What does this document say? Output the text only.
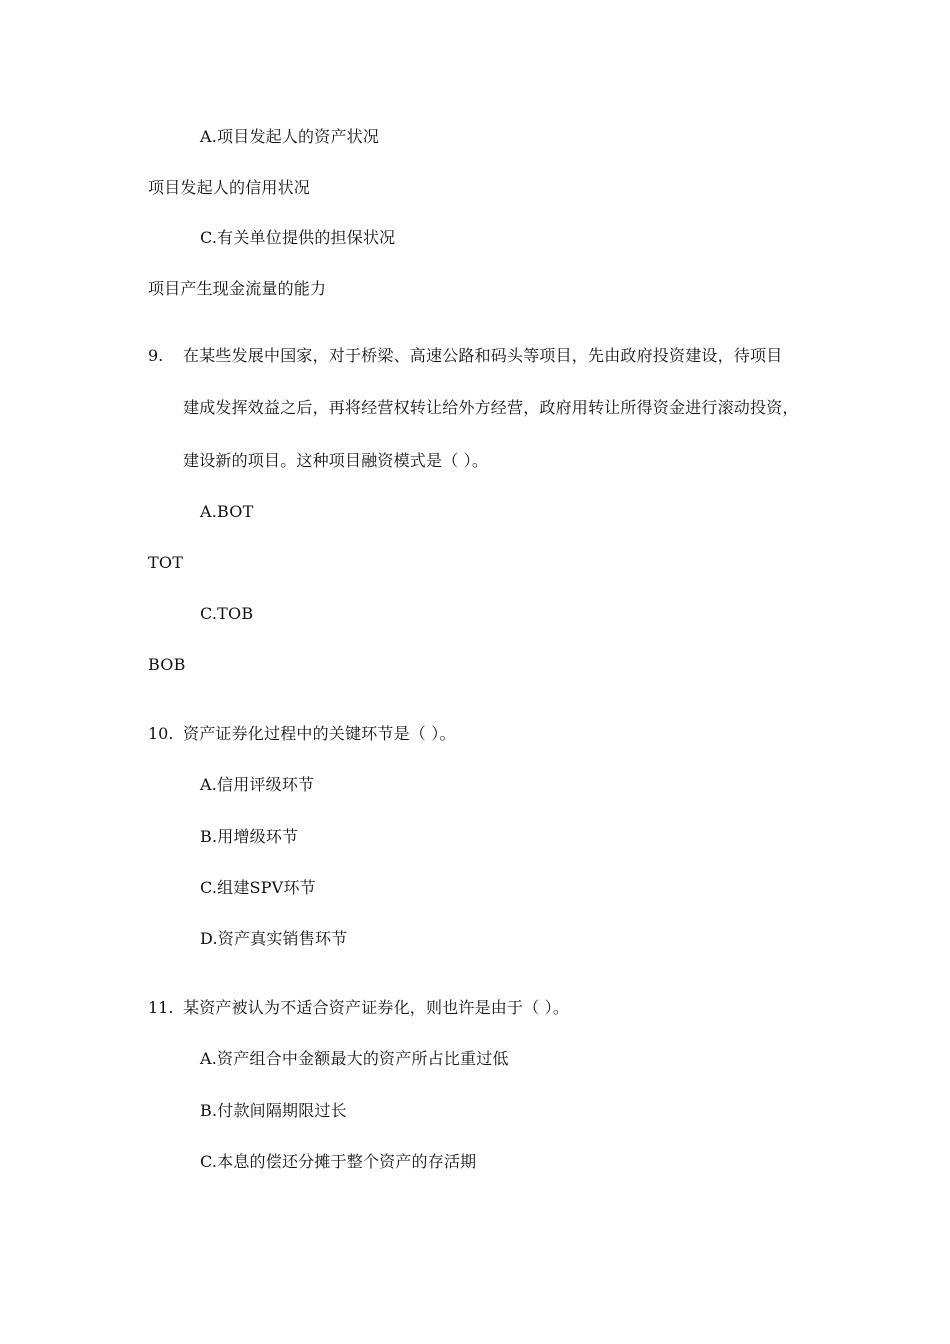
A.项目发起人的资产状况
项目发起人的信用状况
C.有关单位提供的担保状况
项目产生现金流量的能力
9. 在某些发展中国家，对于桥梁、高速公路和码头等项目，先由政府投资建设，待项目
建成发挥效益之后，再将经营权转让给外方经营，政府用转让所得资金进行滚动投资，
建设新的项目。这种项目融资模式是（ ）。
A.BOT
TOT
C.TOB
BOB
10. 资产证券化过程中的关键环节是（ ）。
A.信用评级环节
B.用增级环节
C.组建SPV环节
D.资产真实销售环节
11. 某资产被认为不适合资产证券化，则也许是由于（ ）。
A.资产组合中金额最大的资产所占比重过低
B.付款间隔期限过长
C.本息的偿还分摊于整个资产的存活期
